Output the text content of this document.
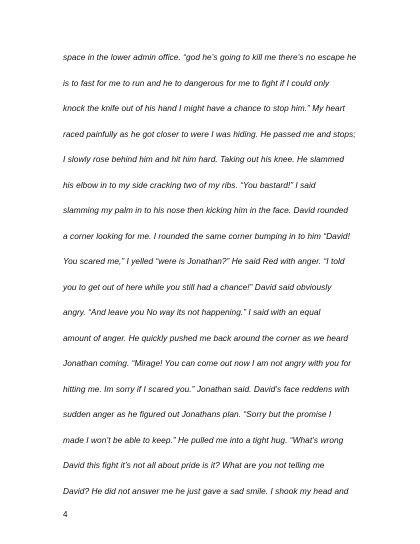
space in the lower admin office. “god he’s going to kill me there’s no escape he
is to fast for me to run and he to dangerous for me to fight if I could only
knock the knife out of his hand I might have a chance to stop him.” My heart
raced painfully as he got closer to were I was hiding. He passed me and stops;
I slowly rose behind him and hit him hard. Taking out his knee. He slammed
his elbow in to my side cracking two of my ribs. “You bastard!” I said
slamming my palm in to his nose then kicking him in the face. David rounded
a corner looking for me. I rounded the same corner bumping in to him “David!
You scared me,” I yelled “were is Jonathan?” He said Red with anger. “I told
you to get out of here while you still had a chance!” David said obviously
angry. “And leave you No way its not happening.” I said with an equal
amount of anger. He quickly pushed me back around the corner as we heard
Jonathan coming. “Mirage! You can come out now I am not angry with you for
hitting me. Im sorry if I scared you.” Jonathan said. David’s face reddens with
sudden anger as he figured out Jonathans plan. “Sorry but the promise I
made I won’t be able to keep.” He pulled me into a tight hug. “What’s wrong
David this fight it’s not all about pride is it? What are you not telling me
David? He did not answer me he just gave a sad smile. I shook my head and
4
